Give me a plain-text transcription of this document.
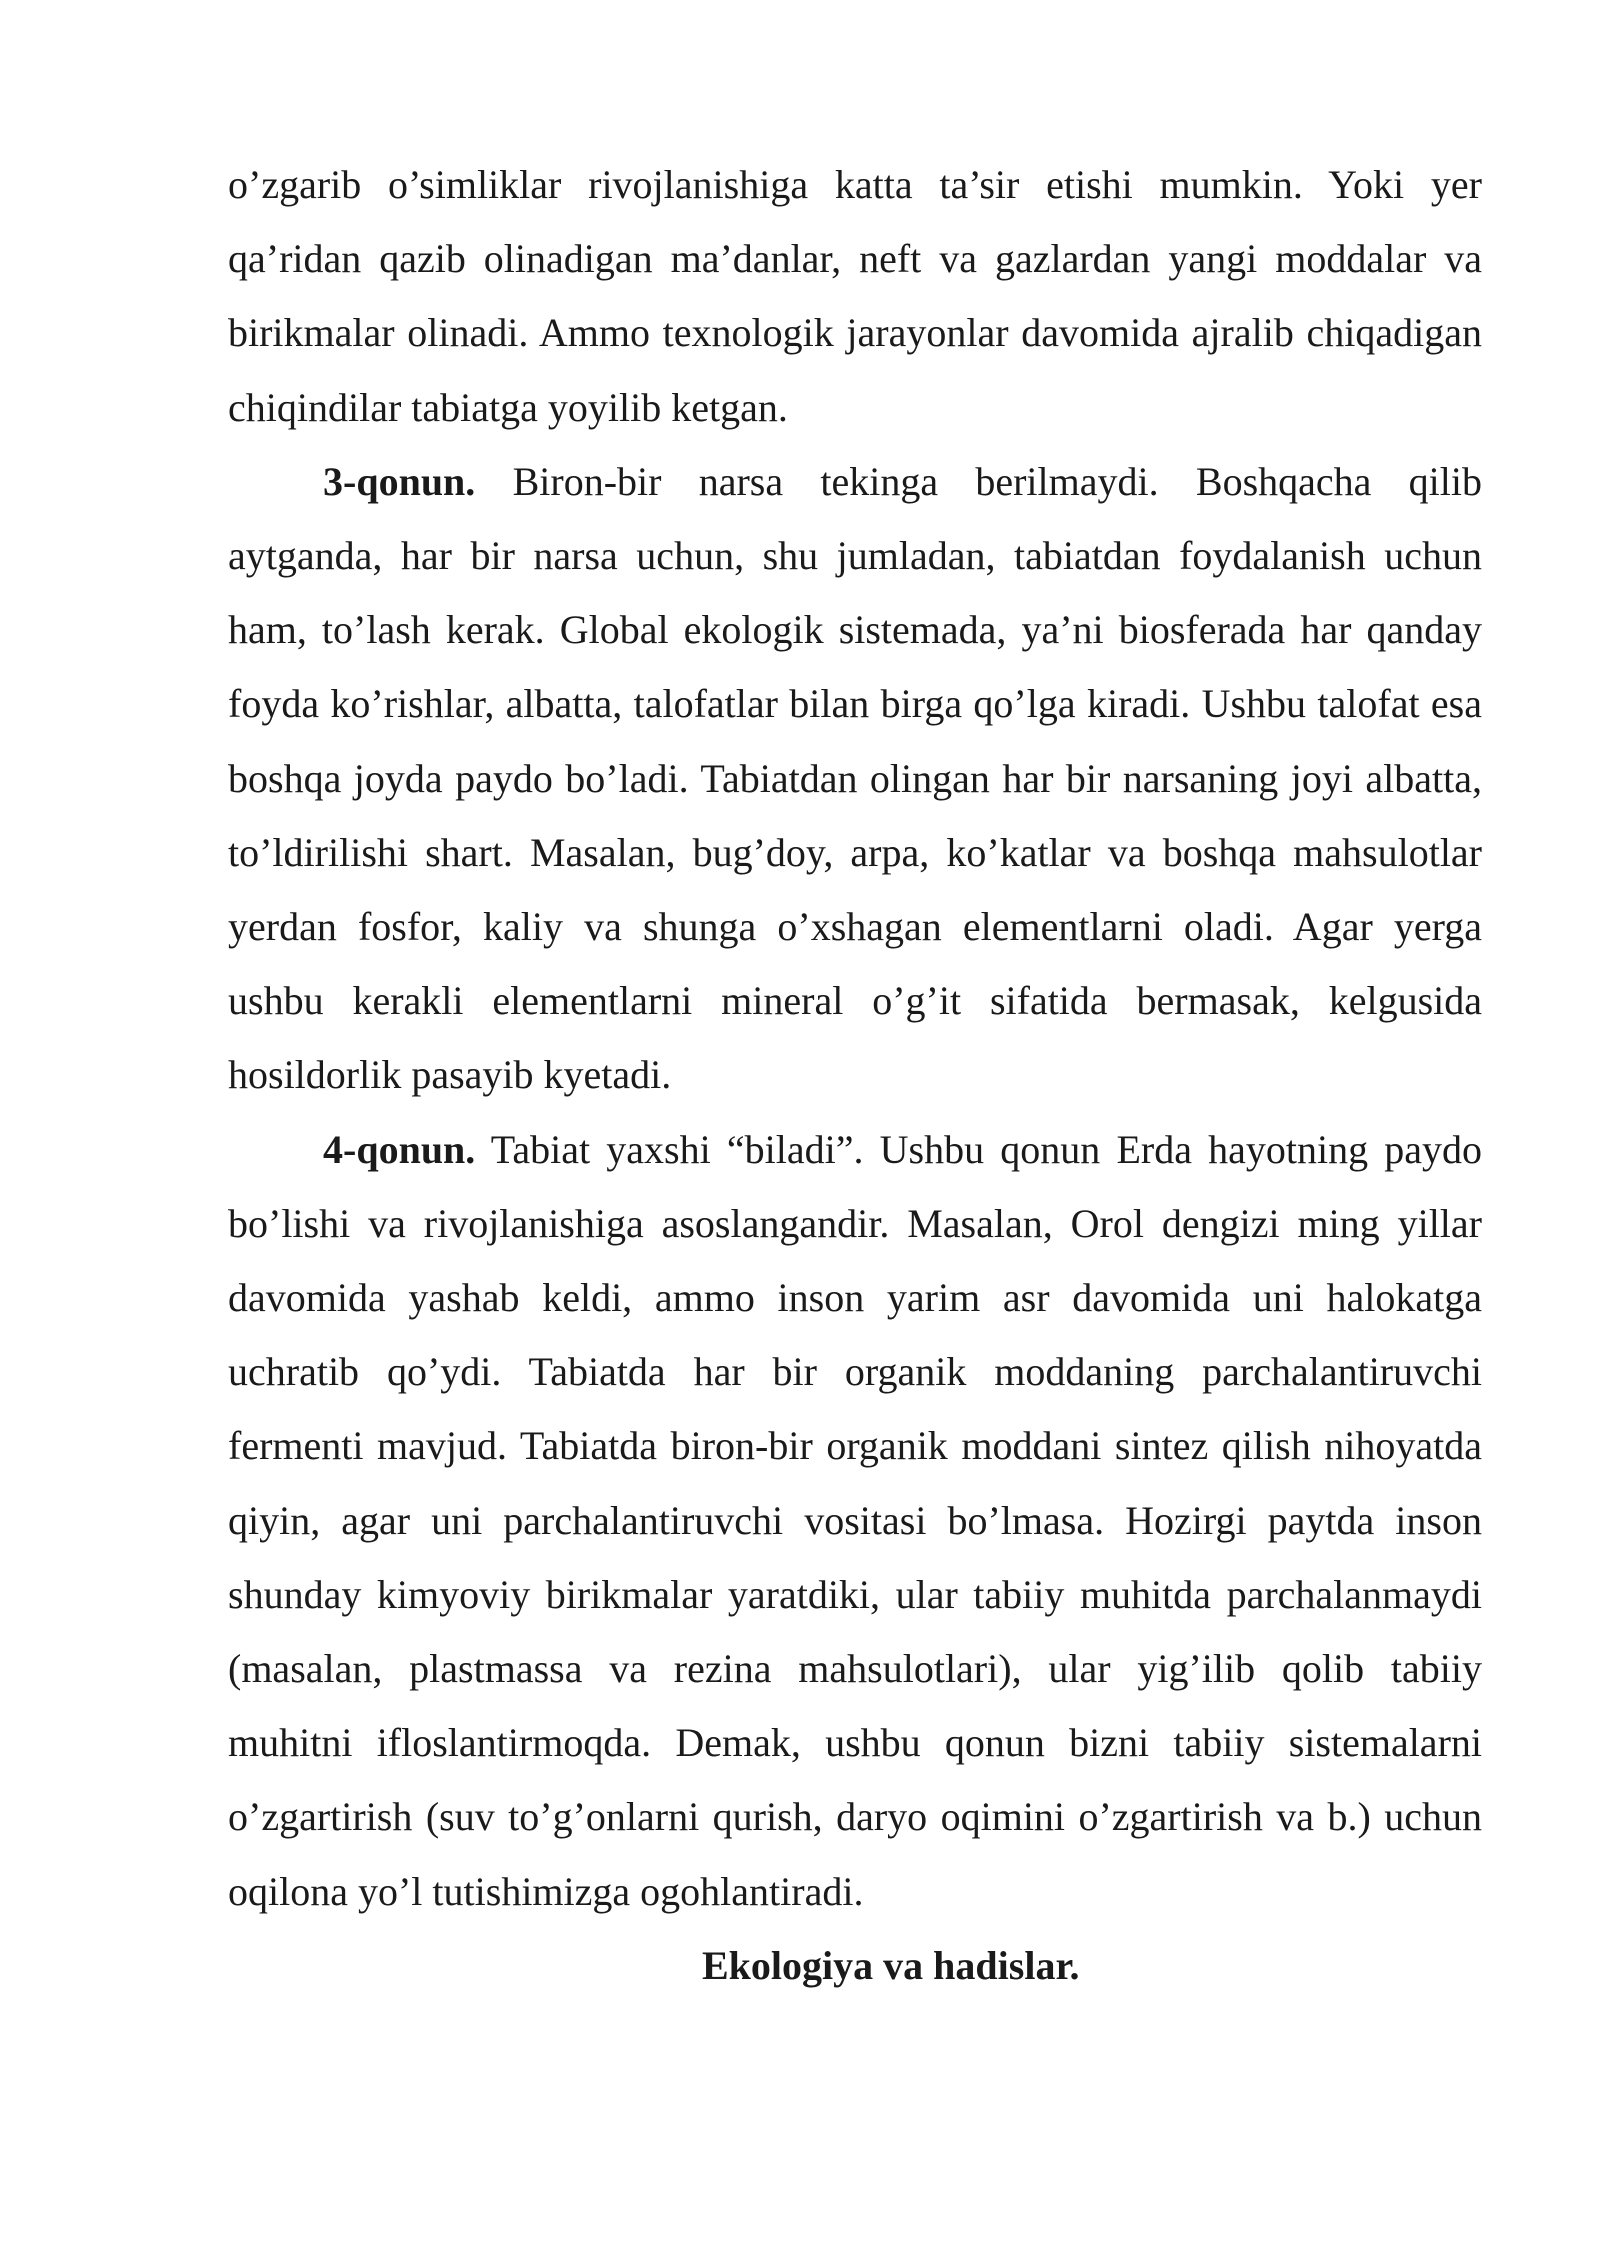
o’zgarib o’simliklar rivojlanishiga katta ta’sir etishi mumkin. Yoki yer qa’ridan qazib olinadigan ma’danlar, neft va gazlardan yangi moddalar va birikmalar olinadi. Ammo texnologik jarayonlar davomida ajralib chiqadigan chiqindilar tabiatga yoyilib ketgan.

3-qonun. Biron-bir narsa tekinga berilmaydi. Boshqacha qilib aytganda, har bir narsa uchun, shu jumladan, tabiatdan foydalanish uchun ham, to’lash kerak. Global ekologik sistemada, ya’ni biosferada har qanday foyda ko’rishlar, albatta, talofatlar bilan birga qo’lga kiradi. Ushbu talofat esa boshqa joyda paydo bo’ladi. Tabiatdan olingan har bir narsaning joyi albatta, to’ldirilishi shart. Masalan, bug’doy, arpa, ko’katlar va boshqa mahsulotlar yerdan fosfor, kaliy va shunga o’xshagan elementlarni oladi. Agar yerga ushbu kerakli elementlarni mineral o’g’it sifatida bermasak, kelgusida hosildorlik pasayib kyetadi.

4-qonun. Tabiat yaxshi “biladi”. Ushbu qonun Erda hayotning paydo bo’lishi va rivojlanishiga asoslangandir. Masalan, Orol dengizi ming yillar davomida yashab keldi, ammo inson yarim asr davomida uni halokatga uchratib qo’ydi. Tabiatda har bir organik moddaning parchalantiruvchi fermenti mavjud. Tabiatda biron-bir organik moddani sintez qilish nihoyatda qiyin, agar uni parchalantiruvchi vositasi bo’lmasa. Hozirgi paytda inson shunday kimyoviy birikmalar yaratdiki, ular tabiiy muhitda parchalanmaydi (masalan, plastmassa va rezina mahsulotlari), ular yig’ilib qolib tabiiy muhitni ifloslantirmoqda. Demak, ushbu qonun bizni tabiiy sistemalarni o’zgartirish (suv to’g’onlarni qurish, daryo oqimini o’zgartirish va b.) uchun oqilona yo’l tutishimizga ogohlantiradi.

Ekologiya va hadislar.
